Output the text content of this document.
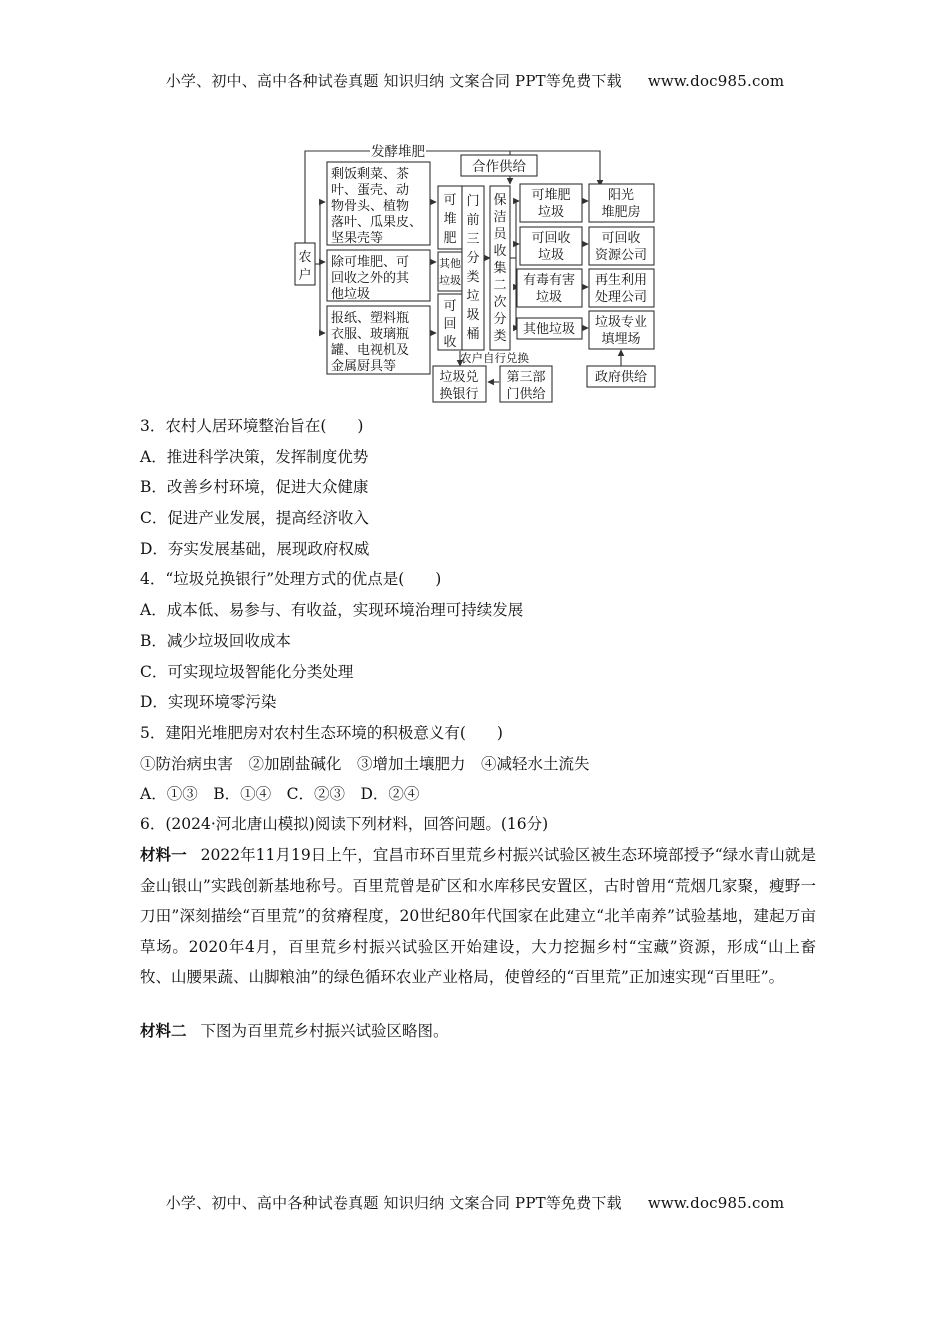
小学、初中、高中各种试卷真题 知识归纳 文案合同 PPT等免费下载 www.doc985.com
发酵堆肥
农
户
剩饭剩菜、茶
叶、蛋壳、动
物骨头、植物
落叶、瓜果皮、
坚果壳等
除可堆肥、可
回收之外的其
他垃圾
报纸、塑料瓶
衣服、玻璃瓶
罐、电视机及
金属厨具等
可
堆
肥
其他
垃圾
可
回
收
门
前
三
分
类
垃
圾
桶
合作供给
保
洁
员
收
集
二
次
分
类
可堆肥
垃圾
可回收
垃圾
有毒有害
垃圾
其他垃圾
阳光
堆肥房
可回收
资源公司
再生利用
处理公司
垃圾专业
填埋场
农户自行兑换
垃圾兑
换银行
第三部
门供给
政府供给
3．农村人居环境整治旨在(　　)
A．推进科学决策，发挥制度优势
B．改善乡村环境，促进大众健康
C．促进产业发展，提高经济收入
D．夯实发展基础，展现政府权威
4．“垃圾兑换银行”处理方式的优点是(　　)
A．成本低、易参与、有收益，实现环境治理可持续发展
B．减少垃圾回收成本
C．可实现垃圾智能化分类处理
D．实现环境零污染
5．建阳光堆肥房对农村生态环境的积极意义有(　　)
①防治病虫害　②加剧盐碱化　③增加土壤肥力　④减轻水土流失
A．①③　B．①④　C．②③　D．②④
6．(2024·河北唐山模拟)阅读下列材料，回答问题。(16分)
材料一 2022年11月19日上午，宜昌市环百里荒乡村振兴试验区被生态环境部授予“绿水青山就是金山银山”实践创新基地称号。百里荒曾是矿区和水库移民安置区，古时曾用“荒烟几家聚，瘦野一刀田”深刻描绘“百里荒”的贫瘠程度，20世纪80年代国家在此建立“北羊南养”试验基地，建起万亩草场。2020年4月，百里荒乡村振兴试验区开始建设，大力挖掘乡村“宝藏”资源，形成“山上畜牧、山腰果蔬、山脚粮油”的绿色循环农业产业格局，使曾经的“百里荒”正加速实现“百里旺”。
材料二 下图为百里荒乡村振兴试验区略图。
小学、初中、高中各种试卷真题 知识归纳 文案合同 PPT等免费下载 www.doc985.com
